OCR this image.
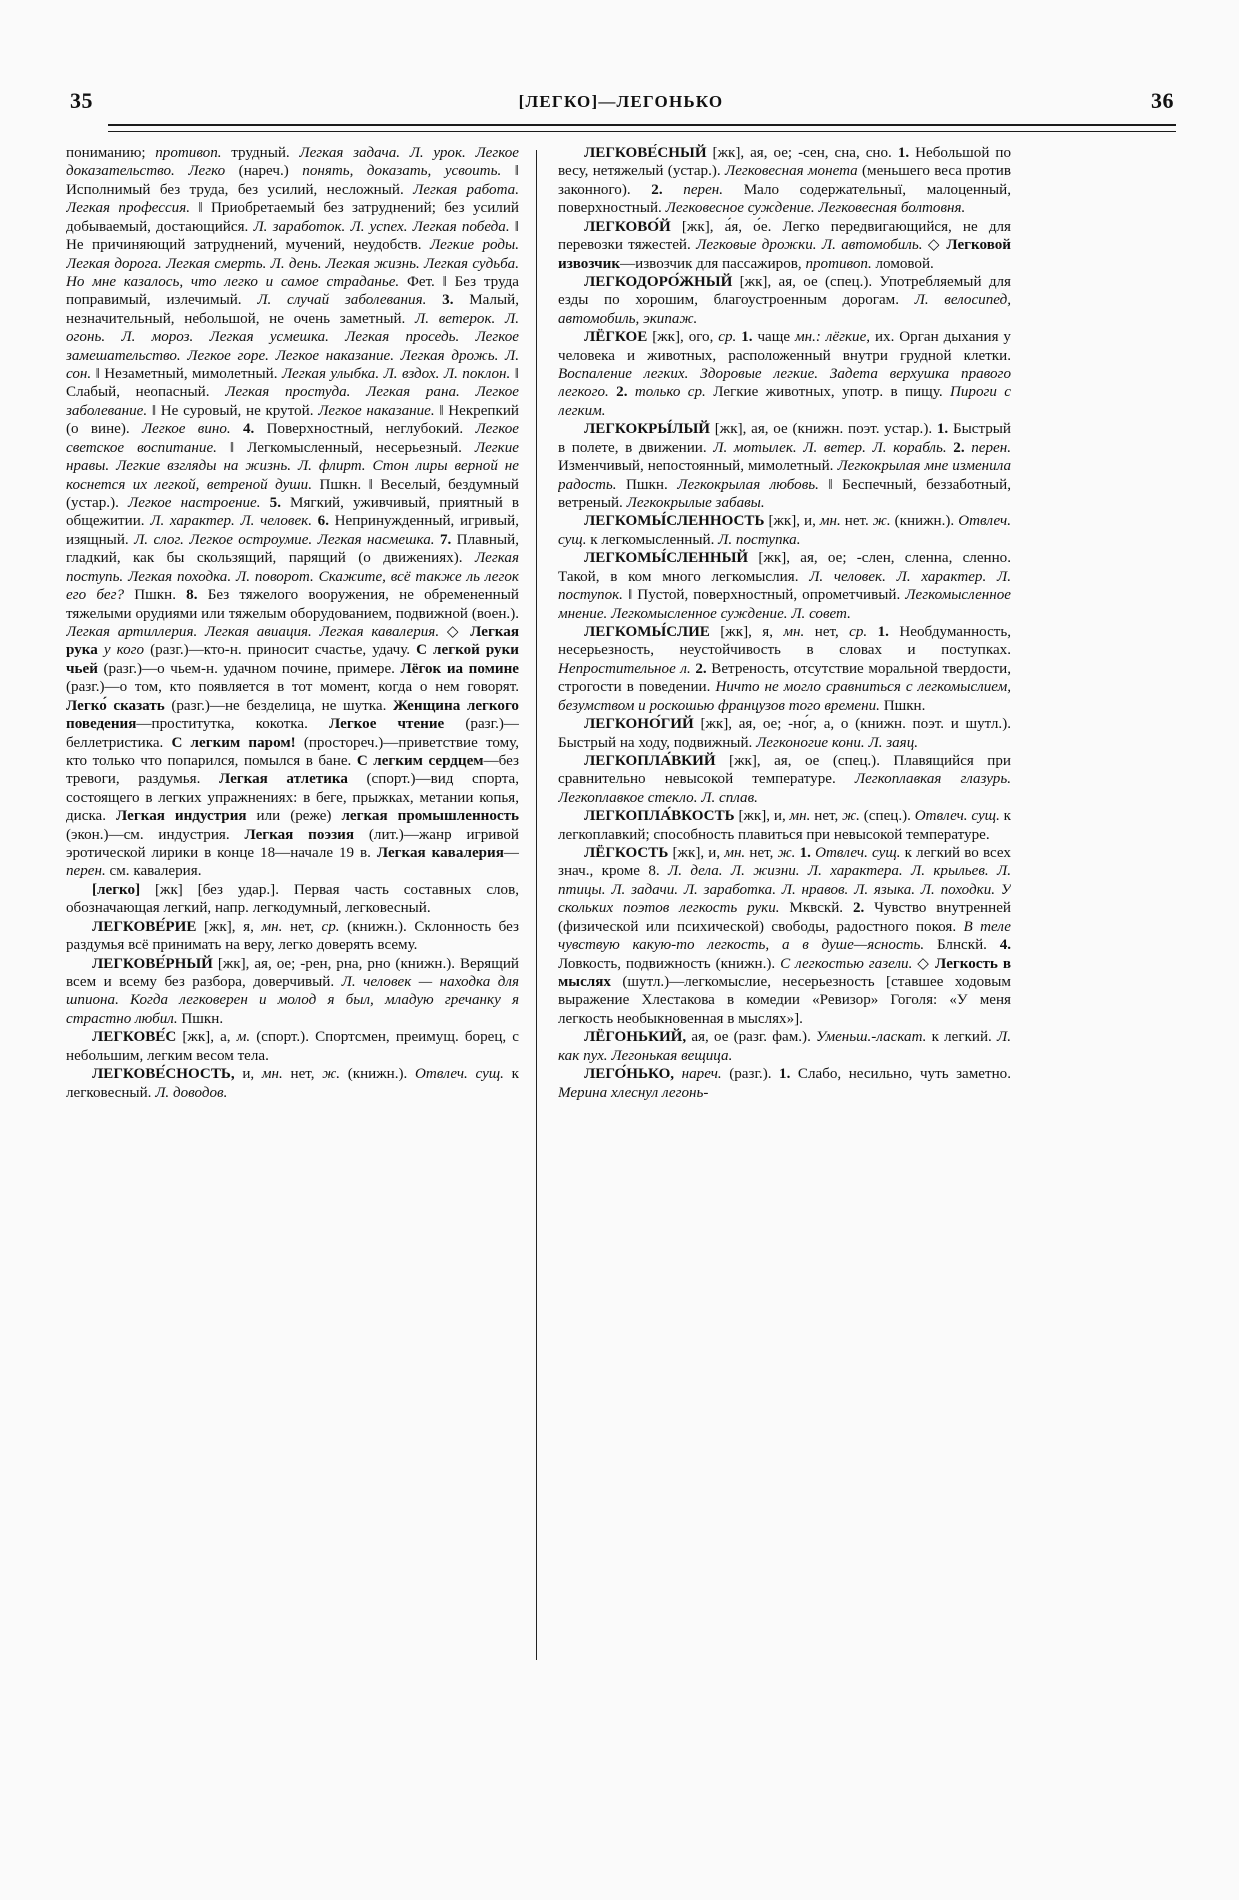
35	[ЛЕГКО]—ЛЕГОНЬКО	36

пониманию; противоп. трудный. Легкая задача. Л. урок. Легкое доказательство. Легко (нареч.) понять, доказать, усвоить. ‖ Исполнимый без труда, без усилий, несложный. Легкая работа. Легкая профессия. ‖ Приобретаемый без затруднений; без усилий добываемый, достающийся. Л. заработок. Л. успех. Легкая победа. ‖ Не причиняющий затруднений, мучений, неудобств. Легкие роды. Легкая дорога. Легкая смерть. Л. день. Легкая жизнь. Легкая судьба. Но мне казалось, что легко и самое страданье. Фет. ‖ Без труда поправимый, излечимый. Л. случай заболевания. 3. Малый, незначительный, небольшой, не очень заметный. Л. ветерок. Л. огонь. Л. мороз. Легкая усмешка. Легкая проседь. Легкое замешательство. Легкое горе. Легкое наказание. Легкая дрожь. Л. сон. ‖ Незаметный, мимолетный. Легкая улыбка. Л. вздох. Л. поклон. ‖ Слабый, неопасный. Легкая простуда. Легкая рана. Легкое заболевание. ‖ Не суровый, не крутой. Легкое наказание. ‖ Некрепкий (о вине). Легкое вино. 4. Поверхностный, неглубокий. Легкое светское воспитание. ‖ Легкомысленный, несерьезный. Легкие нравы. Легкие взгляды на жизнь. Л. флирт. Стон лиры верной не коснется их легкой, ветреной души. Пшкн. ‖ Веселый, бездумный (устар.). Легкое настроение. 5. Мягкий, уживчивый, приятный в общежитии. Л. характер. Л. человек. 6. Непринужденный, игривый, изящный. Л. слог. Легкое остроумие. Легкая насмешка. 7. Плавный, гладкий, как бы скользящий, парящий (о движениях). Легкая поступь. Легкая походка. Л. поворот. Скажите, всё также ль легок его бег? Пшкн. 8. Без тяжелого вооружения, не обремененный тяжелыми орудиями или тяжелым оборудованием, подвижной (воен.). Легкая артиллерия. Легкая авиация. Легкая кавалерия. ◇ Легкая рука у кого (разг.)—кто-н. приносит счастье, удачу. С легкой руки чьей (разг.)—о чьем-н. удачном почине, примере. Лёгок иа помине (разг.)—о том, кто появляется в тот момент, когда о нем говорят. Легко́ сказать (разг.)—не безделица, не шутка. Женщина легкого поведения—проститутка, кокотка. Легкое чтение (разг.)—беллетристика. С легким паром! (простореч.)—приветствие тому, кто только что попарился, помылся в бане. С легким сердцем—без тревоги, раздумья. Легкая атлетика (спорт.)—вид спорта, состоящего в легких упражнениях: в беге, прыжках, метании копья, диска. Легкая индустрия или (реже) легкая промышленность (экон.)—см. индустрия. Легкая поэзия (лит.)—жанр игривой эротической лирики в конце 18—начале 19 в. Легкая кавалерия—перен. см. кавалерия.

[легко] [жк] [без удар.]. Первая часть составных слов, обозначающая легкий, напр. легкодумный, легковесный.

ЛЕГКОВЕ́РИЕ [жк], я, мн. нет, ср. (книжн.). Склонность без раздумья всё принимать на веру, легко доверять всему.

ЛЕГКОВЕ́РНЫЙ [жк], ая, ое; -рен, рна, рно (книжн.). Верящий всем и всему без разбора, доверчивый. Л. человек — находка для шпиона. Когда легковерен и молод я был, младую гречанку я страстно любил. Пшкн.

ЛЕГКОВЕ́С [жк], а, м. (спорт.). Спортсмен, преимущ. борец, с небольшим, легким весом тела.

ЛЕГКОВЕ́СНОСТЬ, и, мн. нет, ж. (книжн.). Отвлеч. сущ. к легковесный. Л. доводов.

ЛЕГКОВЕ́СНЫЙ [жк], ая, ое; -сен, сна, сно. 1. Небольшой по весу, нетяжелый (устар.). Легковесная монета (меньшего веса против законного). 2. перен. Мало содержательныї, малоценный, поверхностный. Легковесное суждение. Легковесная болтовня.

ЛЕГКОВО́Й [жк], а́я, о́е. Легко передвигающийся, не для перевозки тяжестей. Легковые дрожки. Л. автомобиль. ◇ Легковой извозчик—извозчик для пассажиров, противоп. ломовой.

ЛЕГКОДОРО́ЖНЫЙ [жк], ая, ое (спец.). Употребляемый для езды по хорошим, благоустроенным дорогам. Л. велосипед, автомобиль, экипаж.

ЛЁГКОЕ [жк], ого, ср. 1. чаще мн.: лёгкие, их. Орган дыхания у человека и животных, расположенный внутри грудной клетки. Воспаление легких. Здоровые легкие. Задета верхушка правого легкого. 2. только ср. Легкие животных, употр. в пищу. Пироги с легким.

ЛЕГКОКРЫ́ЛЫЙ [жк], ая, ое (книжн. поэт. устар.). 1. Быстрый в полете, в движении. Л. мотылек. Л. ветер. Л. корабль. 2. перен. Изменчивый, непостоянный, мимолетный. Легкокрылая мне изменила радость. Пшкн. Легкокрылая любовь. ‖ Беспечный, беззаботный, ветреный. Легкокрылые забавы.

ЛЕГКОМЫ́СЛЕННОСТЬ [жк], и, мн. нет. ж. (книжн.). Отвлеч. сущ. к легкомысленный. Л. поступка.

ЛЕГКОМЫ́СЛЕННЫЙ [жк], ая, ое; -слен, сленна, сленно. Такой, в ком много легкомыслия. Л. человек. Л. характер. Л. поступок. ‖ Пустой, поверхностный, опрометчивый. Легкомысленное мнение. Легкомысленное суждение. Л. совет.

ЛЕГКОМЫ́СЛИЕ [жк], я, мн. нет, ср. 1. Необдуманность, несерьезность, неустойчивость в словах и поступках. Непростительное л. 2. Ветреность, отсутствие моральной твердости, строгости в поведении. Ничто не могло сравниться с легкомыслием, безумством и роскошью французов того времени. Пшкн.

ЛЕГКОНО́ГИЙ [жк], ая, ое; -но́г, а, о (книжн. поэт. и шутл.). Быстрый на ходу, подвижный. Легконогие кони. Л. заяц.

ЛЕГКОПЛА́ВКИЙ [жк], ая, ое (спец.). Плавящийся при сравнительно невысокой температуре. Легкоплавкая глазурь. Легкоплавкое стекло. Л. сплав.

ЛЕГКОПЛА́ВКОСТЬ [жк], и, мн. нет, ж. (спец.). Отвлеч. сущ. к легкоплавкий; способность плавиться при невысокой температуре.

ЛЁГКОСТЬ [жк], и, мн. нет, ж. 1. Отвлеч. сущ. к легкий во всех знач., кроме 8. Л. дела. Л. жизни. Л. характера. Л. крыльев. Л. птицы. Л. задачи. Л. заработка. Л. нравов. Л. языка. Л. походки. У скольких поэтов легкость руки. Мквскй. 2. Чувство внутренней (физической или психической) свободы, радостного покоя. В теле чувствую какую-то легкость, а в душе—ясность. Блнскй. 4. Ловкость, подвижность (книжн.). С легкостью газели. ◇ Легкость в мыслях (шутл.)—легкомыслие, несерьезность [ставшее ходовым выражение Хлестакова в комедии «Ревизор» Гоголя: «У меня легкость необыкновенная в мыслях»].

ЛЁГОНЬКИЙ, ая, ое (разг. фам.). Уменьш.-ласкат. к легкий. Л. как пух. Легонькая вещица.

ЛЕГО́НЬКО, нареч. (разг.). 1. Слабо, несильно, чуть заметно. Мерина хлеснул легонь-
